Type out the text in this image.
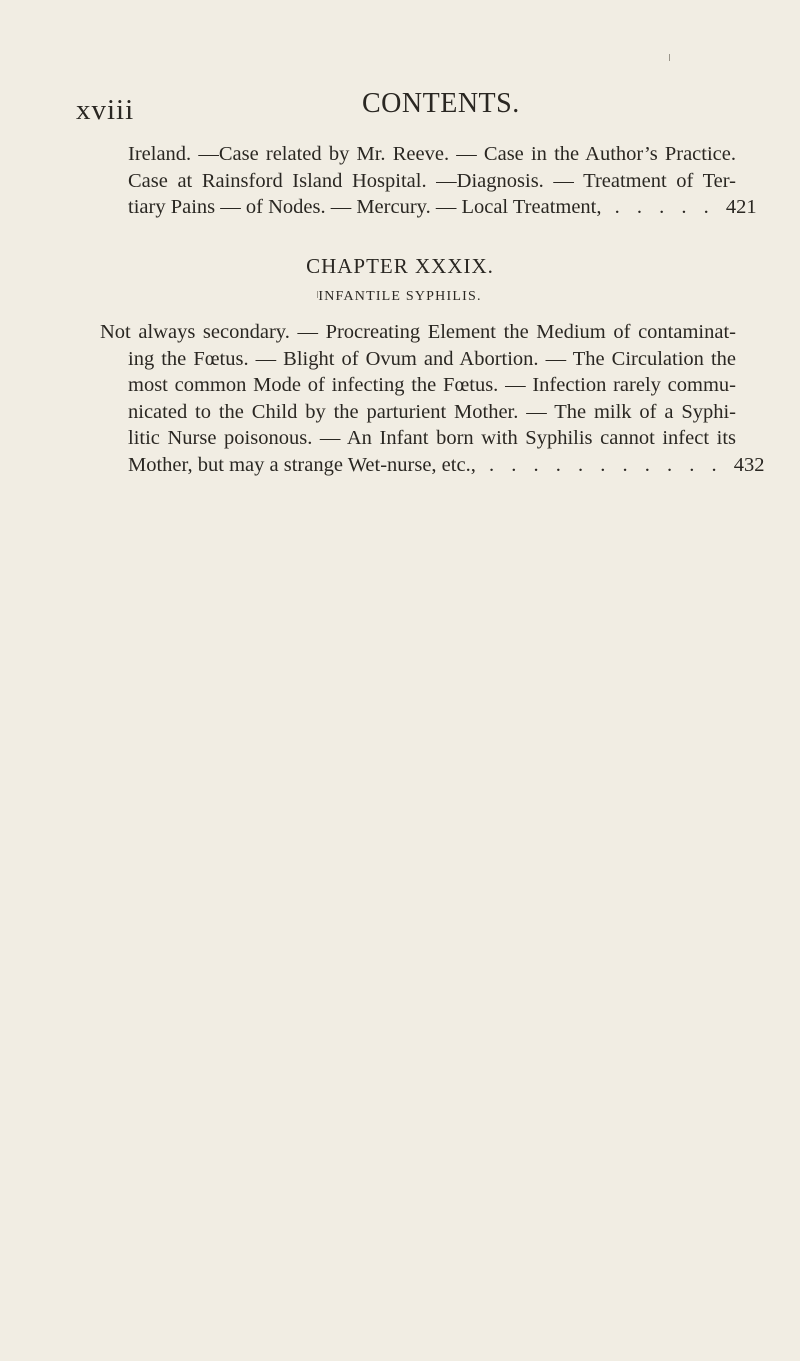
xviii	CONTENTS.
Ireland. —Case related by Mr. Reeve. — Case in the Author’s Practice.
Case at Rainsford Island Hospital. —Diagnosis. — Treatment of Ter-
tiary Pains — of Nodes. — Mercury. — Local Treatment, . . . . . 421
CHAPTER XXXIX.
INFANTILE SYPHILIS.
Not always secondary. — Procreating Element the Medium of contaminat-
ing the Fœtus. — Blight of Ovum and Abortion. — The Circulation the
most common Mode of infecting the Fœtus. — Infection rarely commu-
nicated to the Child by the parturient Mother. — The milk of a Syphi-
litic Nurse poisonous. — An Infant born with Syphilis cannot infect its
Mother, but may a strange Wet-nurse, etc., . . . . . . . . . . . 432
